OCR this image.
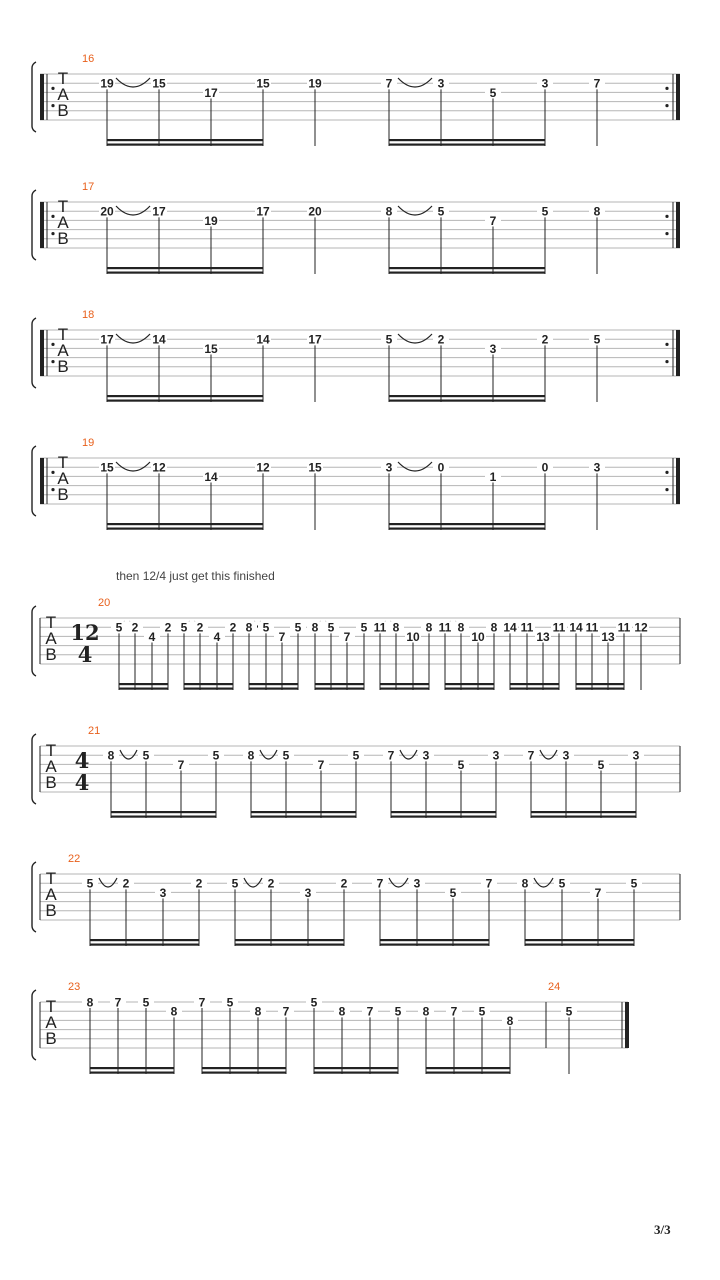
then 12/4 just get this finished
T
A
B
16
19	15
17
15	19	7	3
5
3	7
T
A
B
17
20	17
19
17	20	8	5
7
5	8
T
A
B
18
17	14
15
14	17	5	2
3
2	5
T
A
B
19
15	12
14
12	15	3	0
1
0	3
T
A
B
12
4
20
5 2
4
2 5 2
4
2 8 5
7
5 8 5
7
5 11 8
10
8 11 8
10
8 14 11
13
11 14 11
13
11 12
T
A
B
4
4
21
8 5
7
5 8 5
7
5 7 3
5
3 7 3
5
3
T
A
B
22
5 2
3
2 5 2
3
2 7	3
5
7 8	5
7
5
T
A
B
23	24
8 7 5
8
7 5
8 7
5
8 7 5 8 7 5
8
5
3/3
